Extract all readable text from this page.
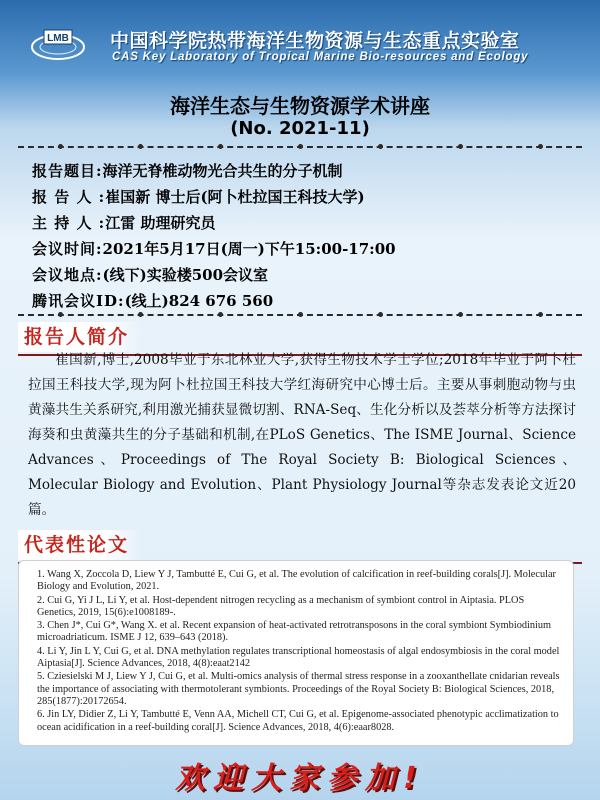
LMB 中国科学院热带海洋生物资源与生态重点实验室
CAS Key Laboratory of Tropical Marine Bio-resources and Ecology
海洋生态与生物资源学术讲座
(No. 2021-11)
报告题目:海洋无脊椎动物光合共生的分子机制
报 告 人 :崔国新 博士后(阿卜杜拉国王科技大学)
主 持 人 :江雷 助理研究员
会议时间:2021年5月17日(周一)下午15:00-17:00
会议地点:(线下)实验楼500会议室
腾讯会议ID:(线上)824 676 560
报告人简介
崔国新,博士,2008毕业于东北林业大学,获得生物技术学士学位;2018年毕业于阿卜杜拉国王科技大学,现为阿卜杜拉国王科技大学红海研究中心博士后。主要从事刺胞动物与虫黄藻共生关系研究,利用激光捕获显微切割、RNA-Seq、生化分析以及荟萃分析等方法探讨海葵和虫黄藻共生的分子基础和机制,在PLoS Genetics、The ISME Journal、Science Advances、Proceedings of The Royal Society B: Biological Sciences、Molecular Biology and Evolution、Plant Physiology Journal等杂志发表论文近20篇。
代表性论文

1. Wang X, Zoccola D, Liew Y J, Tambutté E, Cui G, et al. The evolution of calcification in reef-building corals[J]. Molecular Biology and Evolution, 2021.

2. Cui G, Yi J L, Li Y, et al. Host-dependent nitrogen recycling as a mechanism of symbiont control in Aiptasia. PLOS Genetics, 2019, 15(6):e1008189-.

3. Chen J*, Cui G*, Wang X. et al. Recent expansion of heat-activated retrotransposons in the coral symbiont Symbiodinium microadriaticum. ISME J 12, 639–643 (2018).

4. Li Y, Jin L Y, Cui G, et al. DNA methylation regulates transcriptional homeostasis of algal endosymbiosis in the coral model Aiptasia[J]. Science Advances, 2018, 4(8):eaat2142

5. Cziesielski M J, Liew Y J, Cui G, et al. Multi-omics analysis of thermal stress response in a zooxanthellate cnidarian reveals the importance of associating with thermotolerant symbionts. Proceedings of the Royal Society B: Biological Sciences, 2018, 285(1877):20172654.

6. Jin LY, Didier Z, Li Y, Tambutté E, Venn AA, Michell CT, Cui G, et al. Epigenome-associated phenotypic acclimatization to ocean acidification in a reef-building coral[J]. Science Advances, 2018, 4(6):eaar8028.

欢迎大家参加!
